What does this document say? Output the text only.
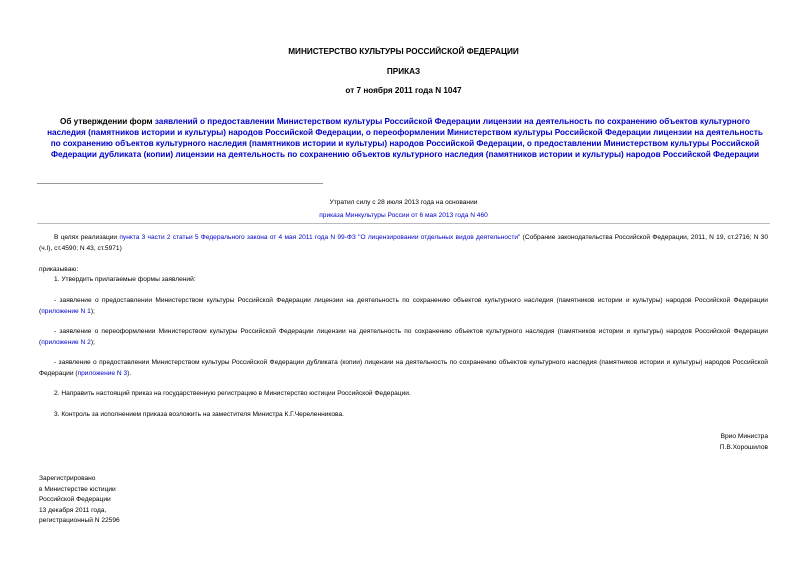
МИНИСТЕРСТВО КУЛЬТУРЫ РОССИЙСКОЙ ФЕДЕРАЦИИ
ПРИКАЗ
от 7 ноября 2011 года N 1047
Об утверждении форм заявлений о предоставлении Министерством культуры Российской Федерации лицензии на деятельность по сохранению объектов культурного наследия (памятников истории и культуры) народов Российской Федерации, о переоформлении Министерством культуры Российской Федерации лицензии на деятельность по сохранению объектов культурного наследия (памятников истории и культуры) народов Российской Федерации, о предоставлении Министерством культуры Российской Федерации дубликата (копии) лицензии на деятельность по сохранению объектов культурного наследия (памятников истории и культуры) народов Российской Федерации
Утратил силу с 28 июля 2013 года на основании
приказа Минкультуры России от 6 мая 2013 года N 460
В целях реализации пункта 3 части 2 статьи 5 Федерального закона от 4 мая 2011 года N 99-ФЗ "О лицензировании отдельных видов деятельности" (Собрание законодательства Российской Федерации, 2011, N 19, ст.2716; N 30 (ч.I), ст.4590; N 43, ст.5971)
приказываю:
1. Утвердить прилагаемые формы заявлений:
- заявление о предоставлении Министерством культуры Российской Федерации лицензии на деятельность по сохранению объектов культурного наследия (памятников истории и культуры) народов Российской Федерации (приложение N 1);
- заявление о переоформлении Министерством культуры Российской Федерации лицензии на деятельность по сохранению объектов культурного наследия (памятников истории и культуры) народов Российской Федерации (приложение N 2);
- заявление о предоставлении Министерством культуры Российской Федерации дубликата (копии) лицензии на деятельность по сохранению объектов культурного наследия (памятников истории и культуры) народов Российской Федерации (приложение N 3).
2. Направить настоящий приказ на государственную регистрацию в Министерство юстиции Российской Федерации.
3. Контроль за исполнением приказа возложить на заместителя Министра К.Г.Череленникова.
Врио Министра
П.В.Хорошилов
Зарегистрировано
в Министерстве юстиции
Российской Федерации
13 декабря 2011 года,
регистрационный N 22596
